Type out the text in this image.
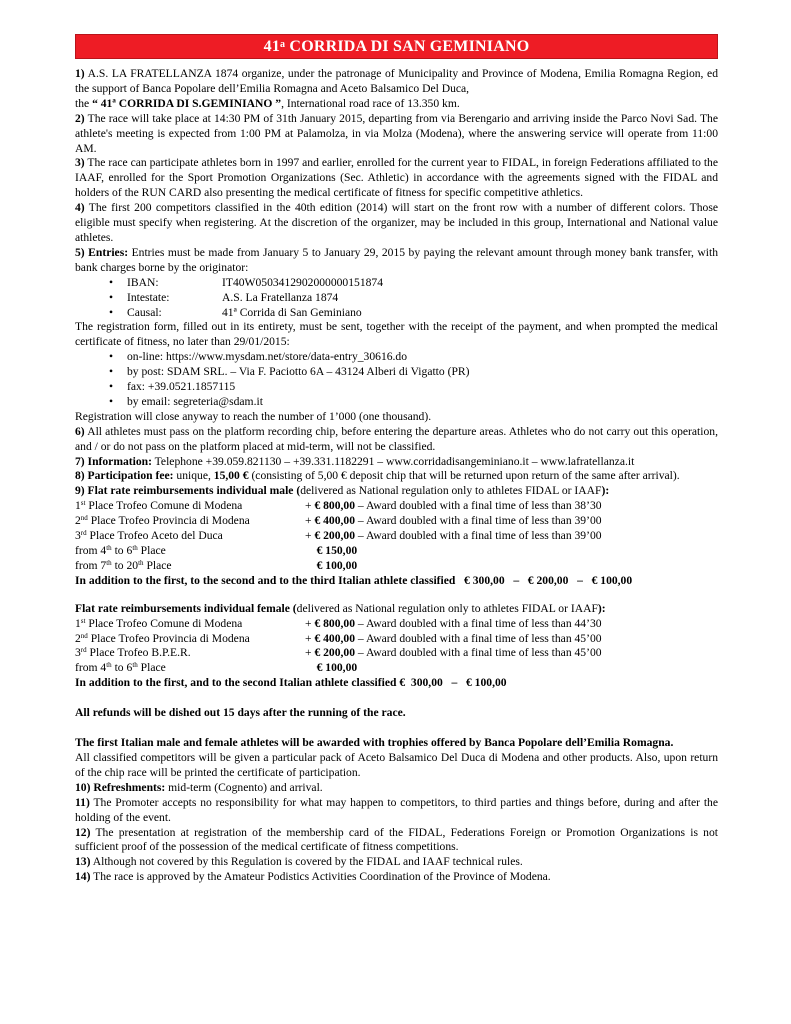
41$^a$ CORRIDA DI SAN GEMINIANO

1) A.S. LA FRATELLANZA 1874 organize, under the patronage of Municipality and Province of Modena, Emilia Romagna Region, ed the support of Banca Popolare dell’Emilia Romagna and Aceto Balsamico Del Duca,
the “ 41ª CORRIDA DI S.GEMINIANO ”, International road race of 13.350 km.

2) The race will take place at 14:30 PM of 31th January 2015, departing from via Berengario and arriving inside the Parco Novi Sad. The athlete's meeting is expected from 1:00 PM at Palamolza, in via Molza (Modena), where the answering service will operate from 11:00 AM.

3) The race can participate athletes born in 1997 and earlier, enrolled for the current year to FIDAL, in foreign Federations affiliated to the IAAF, enrolled for the Sport Promotion Organizations (Sec. Athletic) in accordance with the agreements signed with the FIDAL and holders of the RUN CARD also presenting the medical certificate of fitness for specific competitive athletics.

4) The first 200 competitors classified in the 40th edition (2014) will start on the front row with a number of different colors. Those eligible must specify when registering. At the discretion of the organizer, may be included in this group, International and National value athletes.

5) Entries: Entries must be made from January 5 to January 29, 2015 by paying the relevant amount through money bank transfer, with bank charges borne by the originator:

• IBAN:	IT40W0503412902000000151874
• Intestate:	A.S. La Fratellanza 1874
• Causal:	41ª Corrida di San Geminiano

The registration form, filled out in its entirety, must be sent, together with the receipt of the payment, and when prompted the medical certificate of fitness, no later than 29/01/2015:

• on-line: https://www.mysdam.net/store/data-entry_30616.do
• by post: SDAM SRL. – Via F. Paciotto 6A – 43124 Alberi di Vigatto (PR)
• fax: +39.0521.1857115
• by email: segreteria@sdam.it

Registration will close anyway to reach the number of 1’000 (one thousand).

6) All athletes must pass on the platform recording chip, before entering the departure areas. Athletes who do not carry out this operation, and / or do not pass on the platform placed at mid-term, will not be classified.

7) Information: Telephone +39.059.821130 – +39.331.1182291 – www.corridadisangeminiano.it – www.lafratellanza.it

8) Participation fee: unique, 15,00 € (consisting of 5,00 € deposit chip that will be returned upon return of the same after arrival).

9) Flat rate reimbursements individual male (delivered as National regulation only to athletes FIDAL or IAAF):

1st Place Trofeo Comune di Modena	+ € 800,00 – Award doubled with a final time of less than 38’30
2nd Place Trofeo Provincia di Modena	+ € 400,00 – Award doubled with a final time of less than 39’00
3rd Place Trofeo Aceto del Duca	+ € 200,00 – Award doubled with a final time of less than 39’00
from 4th to 6th Place	€ 150,00
from 7th to 20th Place	€ 100,00

In addition to the first, to the second and to the third Italian athlete classified   € 300,00   –   € 200,00   –   € 100,00

Flat rate reimbursements individual female (delivered as National regulation only to athletes FIDAL or IAAF):

1st Place Trofeo Comune di Modena	+ € 800,00 – Award doubled with a final time of less than 44’30
2nd Place Trofeo Provincia di Modena	+ € 400,00 – Award doubled with a final time of less than 45’00
3rd Place Trofeo B.P.E.R.	+ € 200,00 – Award doubled with a final time of less than 45’00
from 4th to 6th Place	€ 100,00

In addition to the first, and to the second Italian athlete classified €  300,00   –   € 100,00

All refunds will be dished out 15 days after the running of the race.

The first Italian male and female athletes will be awarded with trophies offered by Banca Popolare dell’Emilia Romagna.

All classified competitors will be given a particular pack of Aceto Balsamico Del Duca di Modena and other products. Also, upon return of the chip race will be printed the certificate of participation.

10) Refreshments: mid-term (Cognento) and arrival.

11) The Promoter accepts no responsibility for what may happen to competitors, to third parties and things before, during and after the holding of the event.

12) The presentation at registration of the membership card of the FIDAL, Federations Foreign or Promotion Organizations is not sufficient proof of the possession of the medical certificate of fitness competitions.

13) Although not covered by this Regulation is covered by the FIDAL and IAAF technical rules.

14) The race is approved by the Amateur Podistics Activities Coordination of the Province of Modena.
